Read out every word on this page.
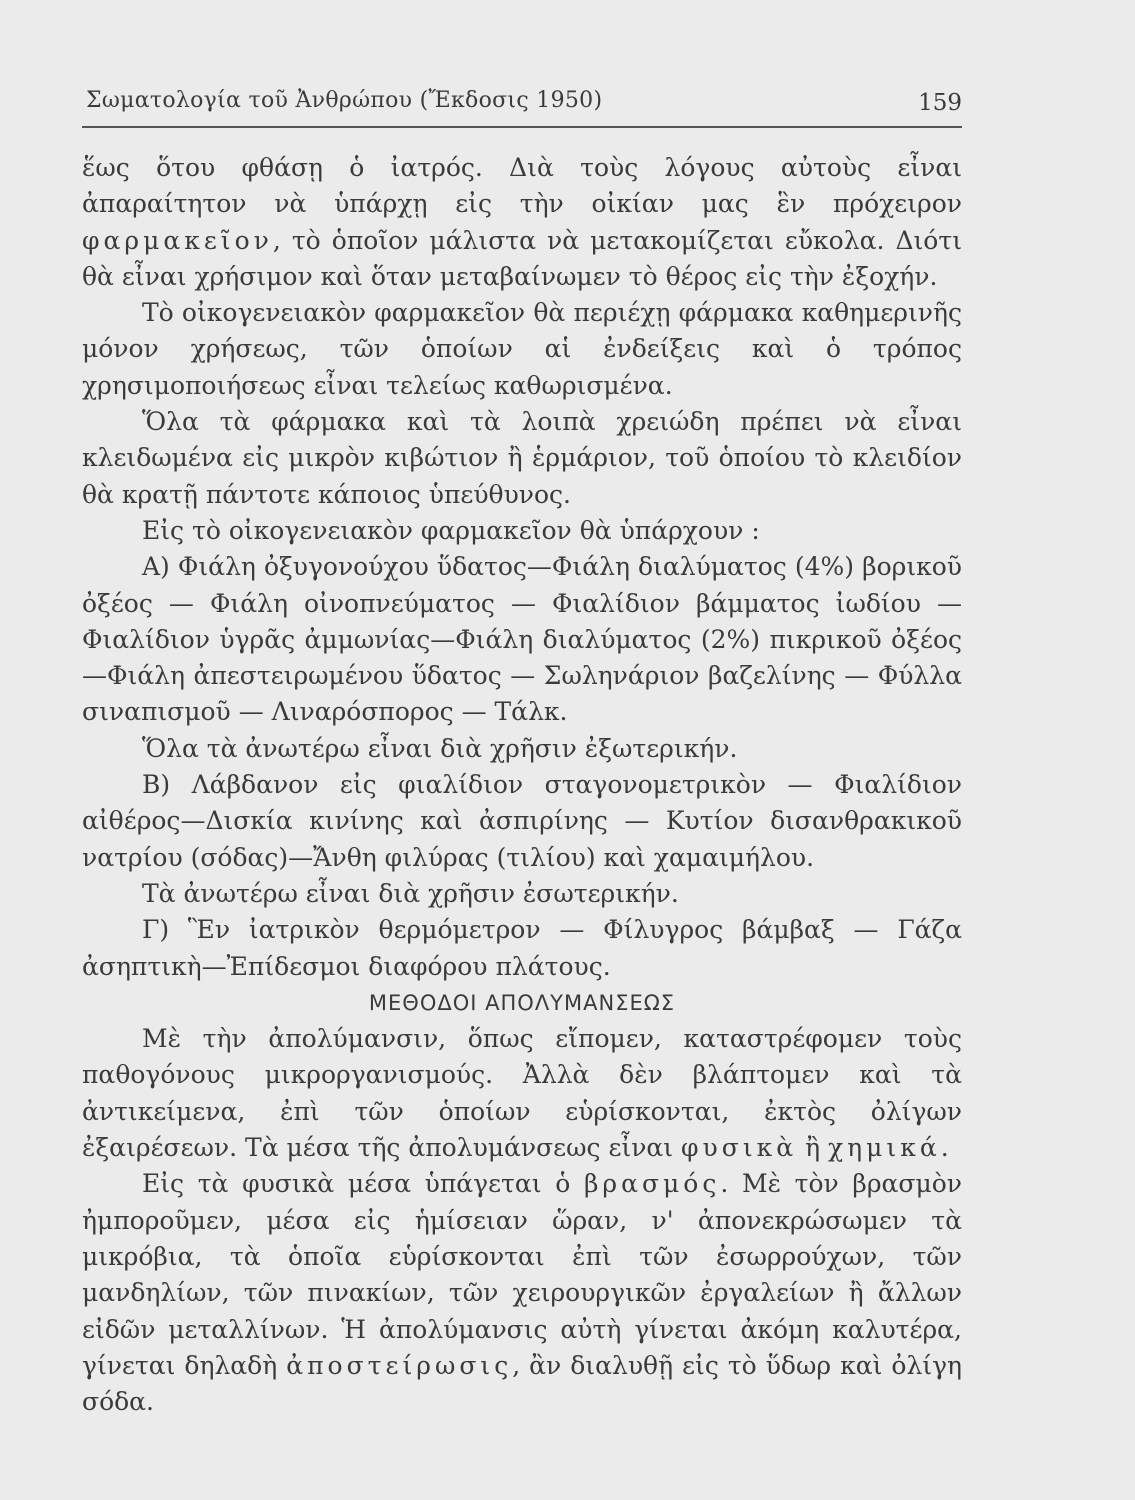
Σωματολογία τοῦ Ἀνθρώπου (Ἔκδοσις 1950)	159

ἕως ὅτου φθάσῃ ὁ ἰατρός. Διὰ τοὺς λόγους αὐτοὺς εἶναι ἀπαραίτητον νὰ ὑπάρχῃ εἰς τὴν οἰκίαν μας ἓν πρόχειρον φαρμακεῖον, τὸ ὁποῖον μάλιστα νὰ μετακομίζεται εὔκολα. Διότι θὰ εἶναι χρήσιμον καὶ ὅταν μεταβαίνωμεν τὸ θέρος εἰς τὴν ἐξοχήν.

Τὸ οἰκογενειακὸν φαρμακεῖον θὰ περιέχῃ φάρμακα καθημερινῆς μόνον χρήσεως, τῶν ὁποίων αἱ ἐνδείξεις καὶ ὁ τρόπος χρησιμοποιήσεως εἶναι τελείως καθωρισμένα.

Ὅλα τὰ φάρμακα καὶ τὰ λοιπὰ χρειώδη πρέπει νὰ εἶναι κλειδωμένα εἰς μικρὸν κιβώτιον ἢ ἑρμάριον, τοῦ ὁποίου τὸ κλειδίον θὰ κρατῇ πάντοτε κάποιος ὑπεύθυνος.

Εἰς τὸ οἰκογενειακὸν φαρμακεῖον θὰ ὑπάρχουν :

Α) Φιάλη ὀξυγονούχου ὕδατος—Φιάλη διαλύματος (4%) βορικοῦ ὀξέος — Φιάλη οἰνοπνεύματος — Φιαλίδιον βάμματος ἰωδίου — Φιαλίδιον ὑγρᾶς ἀμμωνίας—Φιάλη διαλύματος (2%) πικρικοῦ ὀξέος —Φιάλη ἀπεστειρωμένου ὕδατος — Σωληνάριον βαζελίνης — Φύλλα σιναπισμοῦ — Λιναρόσπορος — Τάλκ.

Ὅλα τὰ ἀνωτέρω εἶναι διὰ χρῆσιν ἐξωτερικήν.

Β) Λάβδανον εἰς φιαλίδιον σταγονομετρικὸν — Φιαλίδιον αἰθέρος—Δισκία κινίνης καὶ ἀσπιρίνης — Κυτίον δισανθρακικοῦ νατρίου (σόδας)—Ἄνθη φιλύρας (τιλίου) καὶ χαμαιμήλου.

Τὰ ἀνωτέρω εἶναι διὰ χρῆσιν ἐσωτερικήν.

Γ) Ἓν ἰατρικὸν θερμόμετρον — Φίλυγρος βάμβαξ — Γάζα ἀσηπτικὴ—Ἐπίδεσμοι διαφόρου πλάτους.

ΜΕΘΟΔΟΙ ΑΠΟΛΥΜΑΝΣΕΩΣ

Μὲ τὴν ἀπολύμανσιν, ὅπως εἴπομεν, καταστρέφομεν τοὺς παθογόνους μικροργανισμούς. Ἀλλὰ δὲν βλάπτομεν καὶ τὰ ἀντικείμενα, ἐπὶ τῶν ὁποίων εὑρίσκονται, ἐκτὸς ὀλίγων ἐξαιρέσεων. Τὰ μέσα τῆς ἀπολυμάνσεως εἶναι φυσικὰ ἢ χημικά.

Εἰς τὰ φυσικὰ μέσα ὑπάγεται ὁ βρασμός. Μὲ τὸν βρασμὸν ἠμποροῦμεν, μέσα εἰς ἡμίσειαν ὥραν, ν' ἀπονεκρώσωμεν τὰ μικρόβια, τὰ ὁποῖα εὑρίσκονται ἐπὶ τῶν ἐσωρρούχων, τῶν μανδηλίων, τῶν πινακίων, τῶν χειρουργικῶν ἐργαλείων ἢ ἄλλων εἰδῶν μεταλλίνων. Ἡ ἀπολύμανσις αὐτὴ γίνεται ἀκόμη καλυτέρα, γίνεται δηλαδὴ ἀποστείρωσις, ἂν διαλυθῇ εἰς τὸ ὕδωρ καὶ ὀλίγη σόδα.
